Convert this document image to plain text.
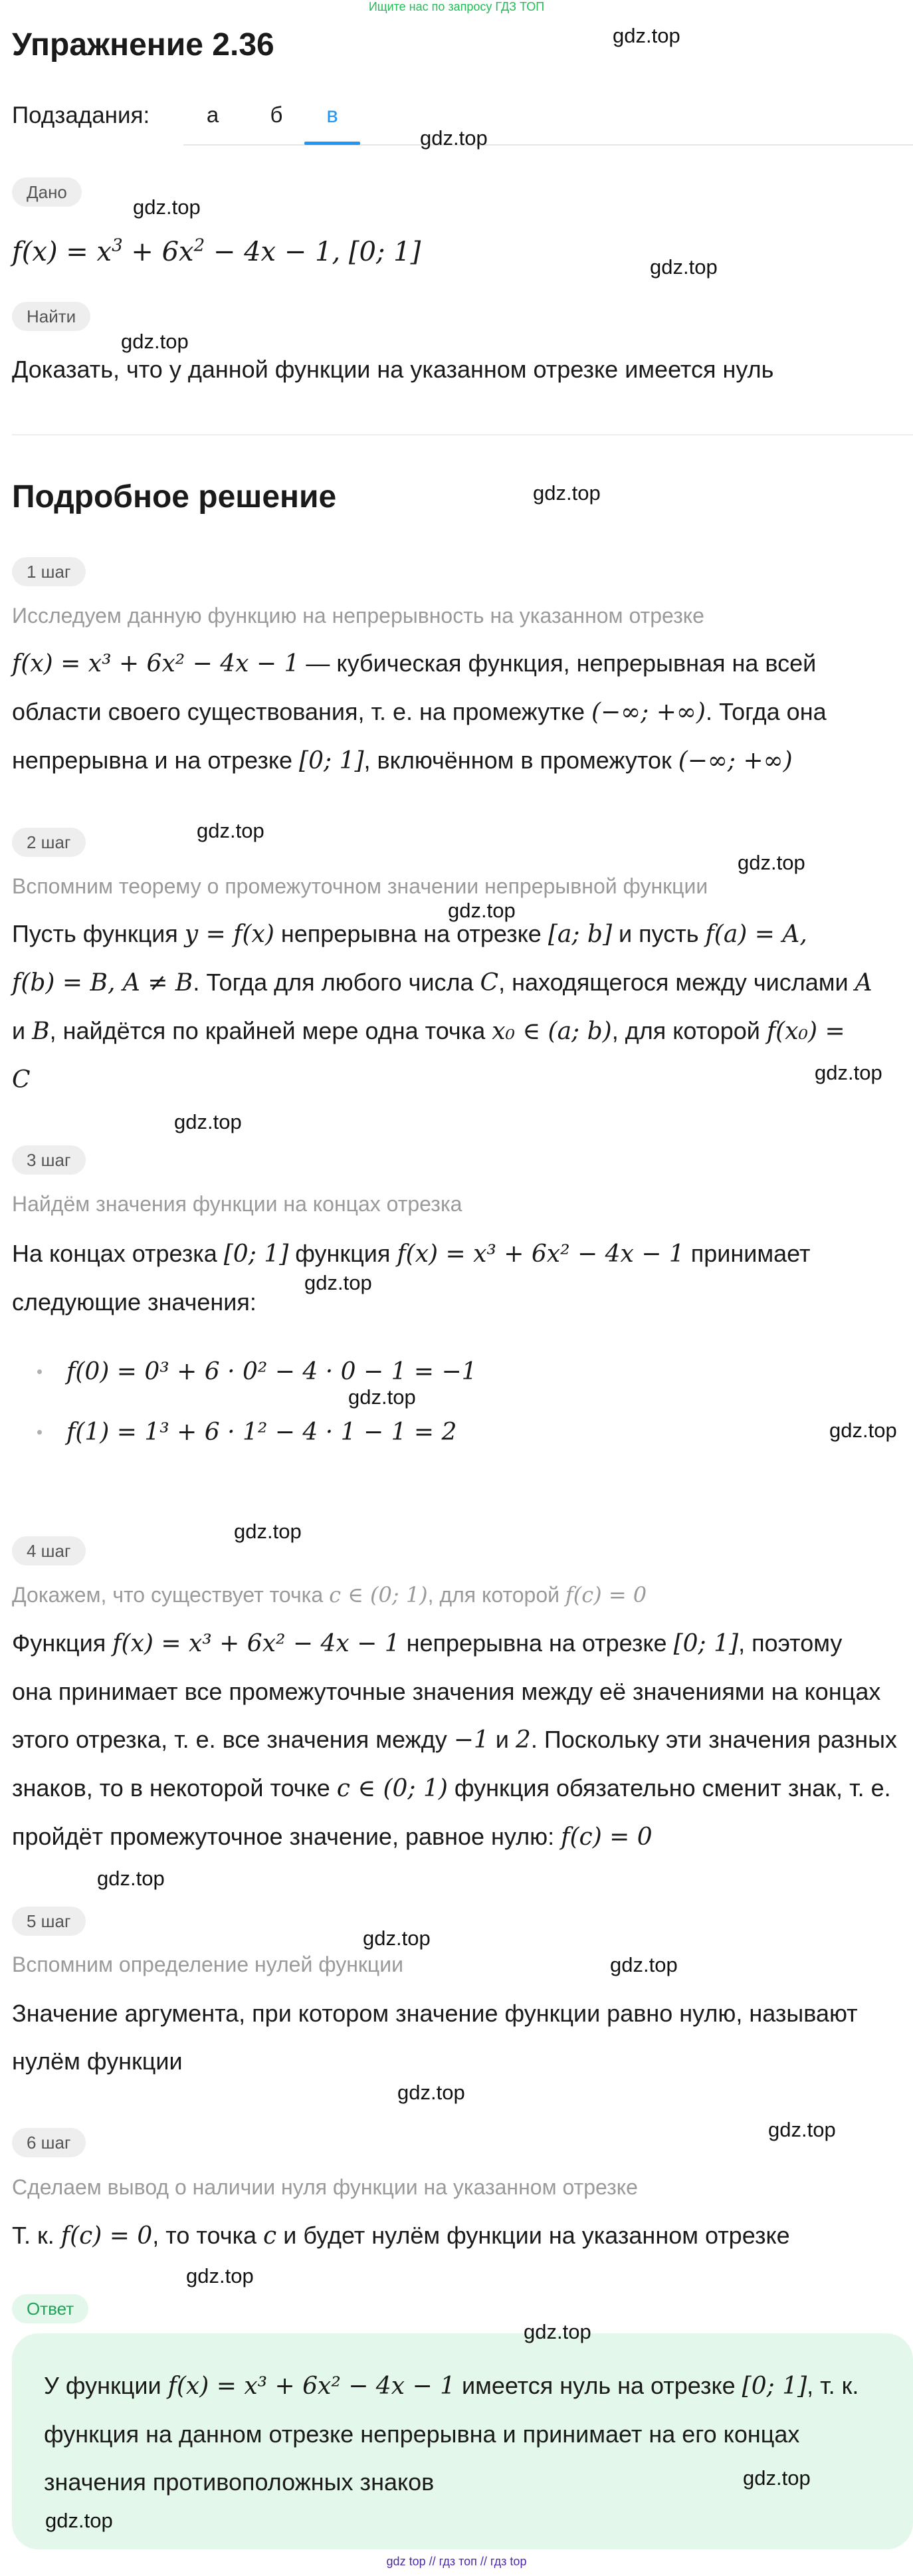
Ищите нас по запросу ГДЗ ТОП
Упражнение 2.36
Подзадания:	а	б	в
Дано
$f(x) = x^3 + 6x^2 - 4x - 1$, [0; 1]
Найти
Доказать, что у данной функции на указанном отрезке имеется нуль
Подробное решение
1 шаг
Исследуем данную функцию на непрерывность на указанном отрезке
f(x) = x³ + 6x² − 4x − 1 — кубическая функция, непрерывная на всей
области своего существования, т. е. на промежутке (−∞; +∞). Тогда она
непрерывна и на отрезке [0; 1], включённом в промежуток (−∞; +∞)
2 шаг
Вспомним теорему о промежуточном значении непрерывной функции
Пусть функция y = f(x) непрерывна на отрезке [a; b] и пусть f(a) = A,
f(b) = B, A ≠ B. Тогда для любого числа C, находящегося между числами A
и B, найдётся по крайней мере одна точка x₀ ∈ (a; b), для которой f(x₀) =
C
3 шаг
Найдём значения функции на концах отрезка
На концах отрезка [0; 1] функция f(x) = x³ + 6x² − 4x − 1 принимает
следующие значения:
f(0) = 0³ + 6 · 0² − 4 · 0 − 1 = −1
f(1) = 1³ + 6 · 1² − 4 · 1 − 1 = 2
4 шаг
Докажем, что существует точка c ∈ (0; 1), для которой f(c) = 0
Функция f(x) = x³ + 6x² − 4x − 1 непрерывна на отрезке [0; 1], поэтому
она принимает все промежуточные значения между её значениями на концах
этого отрезка, т. е. все значения между −1 и 2. Поскольку эти значения разных
знаков, то в некоторой точке c ∈ (0; 1) функция обязательно сменит знак, т. е.
пройдёт промежуточное значение, равное нулю: f(c) = 0
5 шаг
Вспомним определение нулей функции
Значение аргумента, при котором значение функции равно нулю, называют
нулём функции
6 шаг
Сделаем вывод о наличии нуля функции на указанном отрезке
Т. к. f(c) = 0, то точка c и будет нулём функции на указанном отрезке
Ответ
У функции f(x) = x³ + 6x² − 4x − 1 имеется нуль на отрезке [0; 1], т. к.
функция на данном отрезке непрерывна и принимает на его концах
значения противоположных знаков
gdz.top
gdz.top
gdz.top
gdz.top
gdz.top
gdz.top
gdz.top
gdz.top
gdz.top
gdz.top
gdz.top
gdz.top
gdz.top
gdz.top
gdz.top
gdz.top
gdz.top
gdz.top
gdz.top
gdz.top
gdz.top
gdz.top
gdz.top
gdz.top
gdz top // гдз топ // гдз top
